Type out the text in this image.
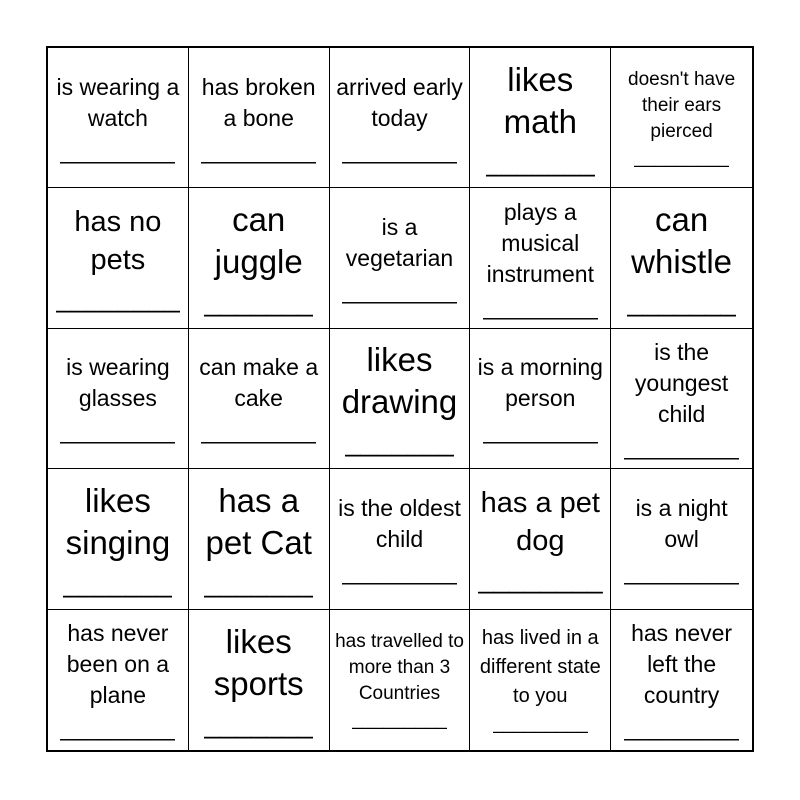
is wearing a watch
_________
has broken a bone
_________
arrived early today
_________
likes math
_______
doesn't have their ears pierced
_________
has no pets
________
can juggle
_______
is a vegetarian
_________
plays a musical instrument
_________
can whistle
_______
is wearing glasses
_________
can make a cake
_________
likes drawing
_______
is a morning person
_________
is the youngest child
_________
likes singing
_______
has a pet Cat
_______
is the oldest child
_________
has a pet dog
________
is a night owl
_________
has never been on a plane
_________
likes sports
_______
has travelled to more than 3 Countries
_________
has lived in a different state to you
_________
has never left the country
_________
